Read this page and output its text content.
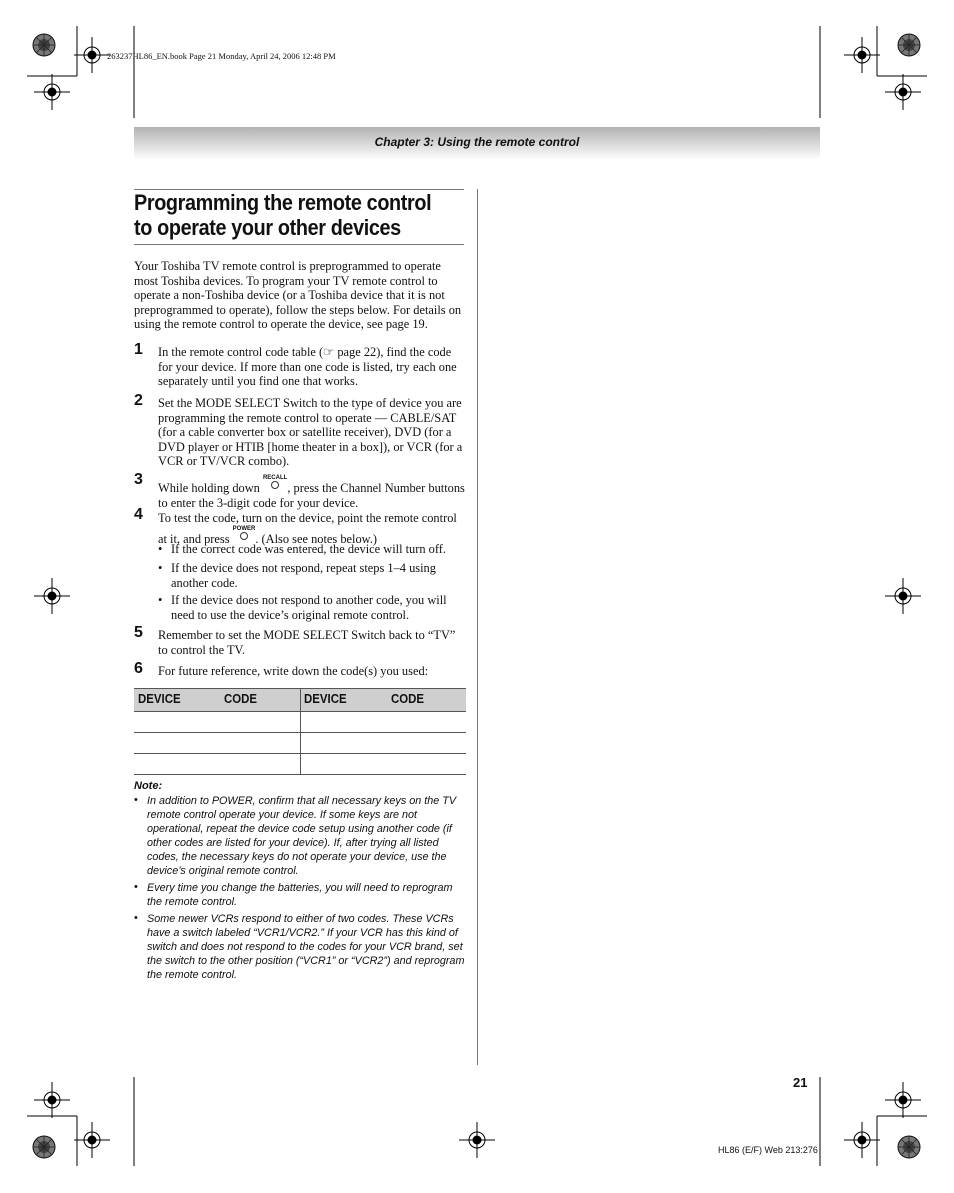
263237HL86_EN.book Page 21 Monday, April 24, 2006 12:48 PM
Chapter 3: Using the remote control
Programming the remote control
to operate your other devices
Your Toshiba TV remote control is preprogrammed to operate most Toshiba devices. To program your TV remote control to operate a non-Toshiba device (or a Toshiba device that it is not preprogrammed to operate), follow the steps below. For details on using the remote control to operate the device, see page 19.
1 In the remote control code table (☞ page 22), find the code for your device. If more than one code is listed, try each one separately until you find one that works.
2 Set the MODE SELECT Switch to the type of device you are programming the remote control to operate — CABLE/SAT (for a cable converter box or satellite receiver), DVD (for a DVD player or HTIB [home theater in a box]), or VCR (for a VCR or TV/VCR combo).
3 While holding down
RECALL
, press the Channel Number buttons to enter the 3-digit code for your device.
4 To test the code, turn on the device, point the remote control at it, and press
POWER
. (Also see notes below.)
• If the correct code was entered, the device will turn off.
• If the device does not respond, repeat steps 1–4 using another code.
• If the device does not respond to another code, you will need to use the device’s original remote control.
5 Remember to set the MODE SELECT Switch back to “TV” to control the TV.
6 For future reference, write down the code(s) you used:
DEVICE	CODE	DEVICE	CODE
Note:
• In addition to POWER, confirm that all necessary keys on the TV remote control operate your device. If some keys are not operational, repeat the device code setup using another code (if other codes are listed for your device). If, after trying all listed codes, the necessary keys do not operate your device, use the device’s original remote control.
• Every time you change the batteries, you will need to reprogram the remote control.
• Some newer VCRs respond to either of two codes. These VCRs have a switch labeled “VCR1/VCR2.” If your VCR has this kind of switch and does not respond to the codes for your VCR brand, set the switch to the other position (“VCR1” or “VCR2”) and reprogram the remote control.
21
HL86 (E/F) Web 213:276
